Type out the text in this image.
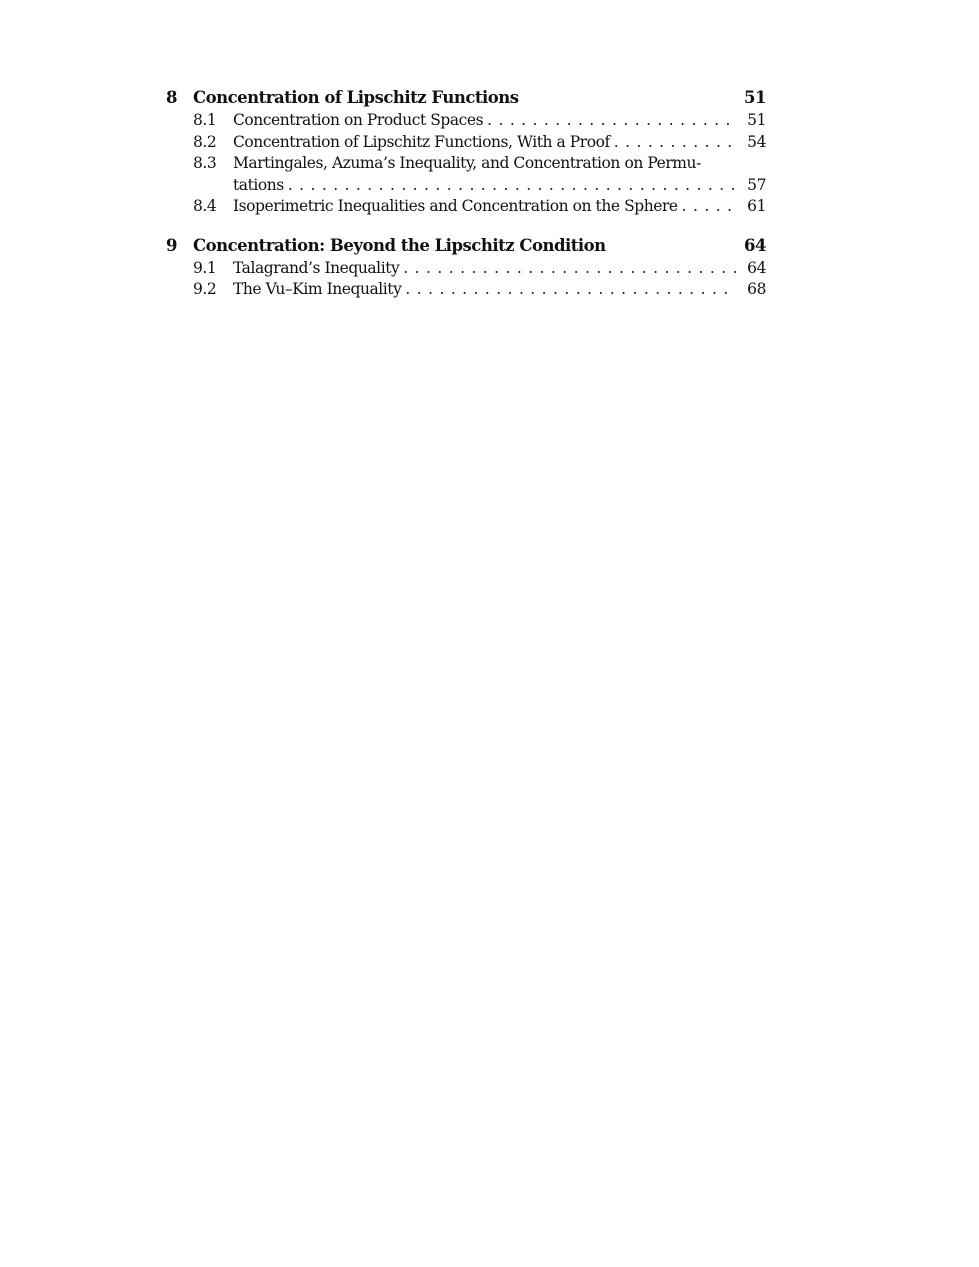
8 Concentration of Lipschitz Functions	51
8.1	Concentration on Product Spaces . . .	51
8.2	Concentration of Lipschitz Functions, With a Proof . . .	54
8.3	Martingales, Azuma’s Inequality, and Concentration on Permu-
tations . . .	57
8.4	Isoperimetric Inequalities and Concentration on the Sphere . . .	61
9 Concentration: Beyond the Lipschitz Condition	64
9.1	Talagrand’s Inequality . . .	64
9.2	The Vu–Kim Inequality . . .	68
